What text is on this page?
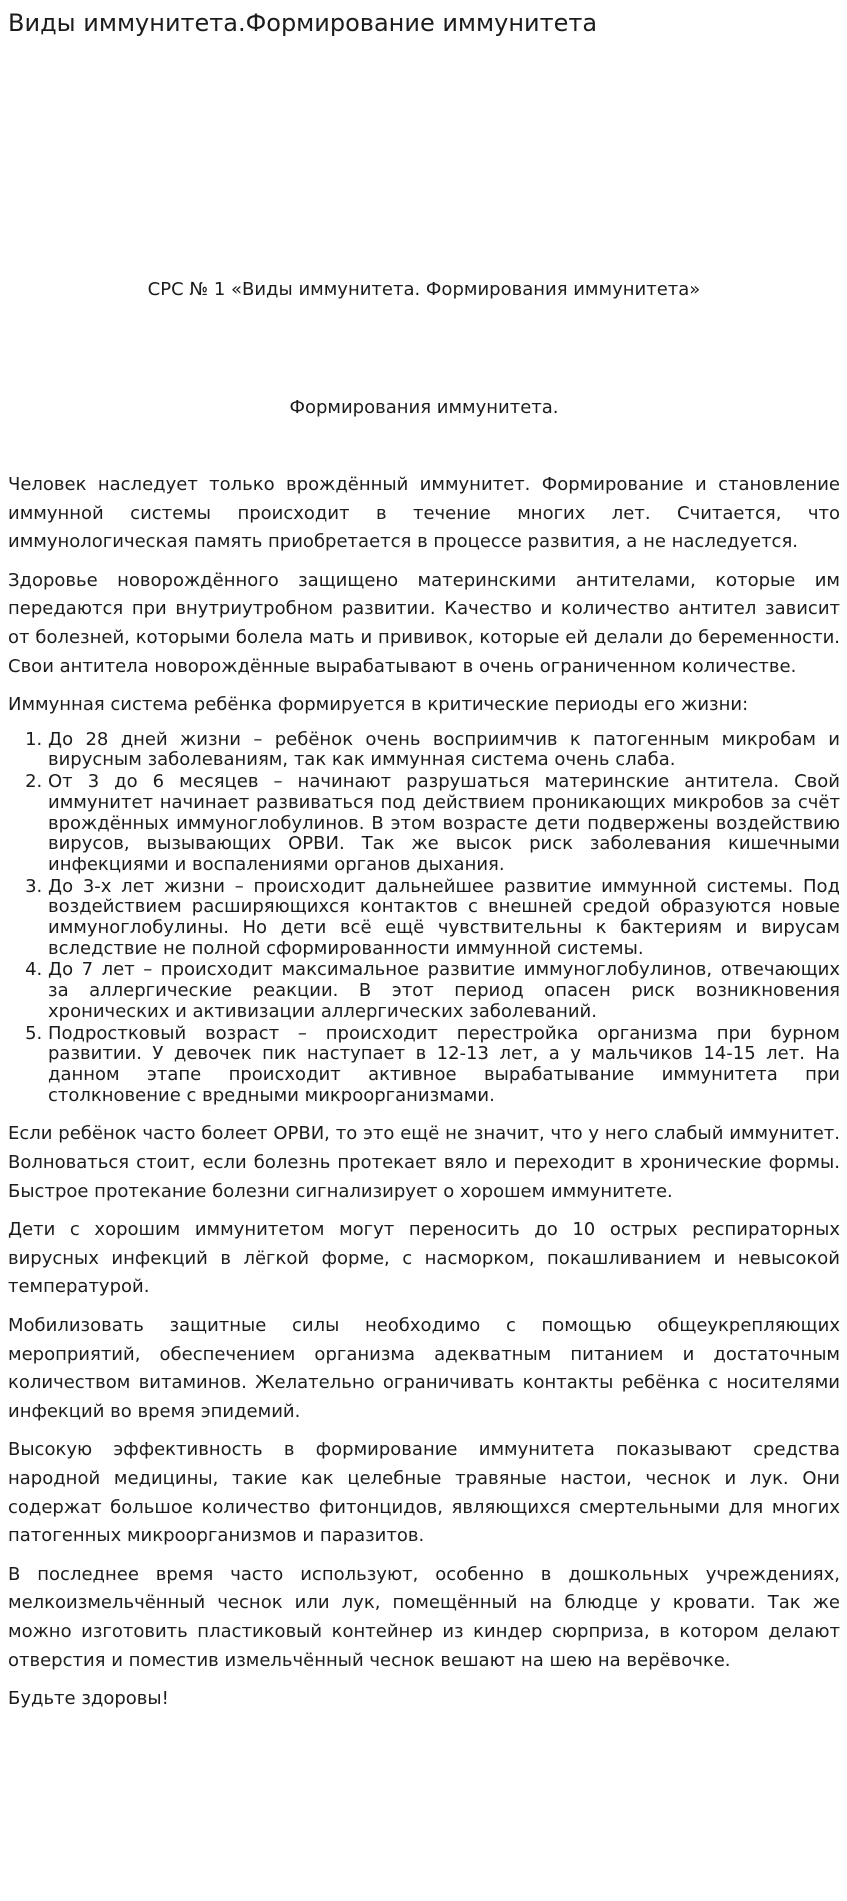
Виды иммунитета.Формирование иммунитета

СРС № 1 «Виды иммунитета. Формирования иммунитета»

Формирования иммунитета.

Человек наследует только врождённый иммунитет. Формирование и становление иммунной системы происходит в течение многих лет. Считается, что иммунологическая память приобретается в процессе развития, а не наследуется.

Здоровье новорождённого защищено материнскими антителами, которые им передаются при внутриутробном развитии. Качество и количество антител зависит от болезней, которыми болела мать и прививок, которые ей делали до беременности. Свои антитела новорождённые вырабатывают в очень ограниченном количестве.

Иммунная система ребёнка формируется в критические периоды его жизни:

1. До 28 дней жизни – ребёнок очень восприимчив к патогенным микробам и вирусным заболеваниям, так как иммунная система очень слаба.
2. От 3 до 6 месяцев – начинают разрушаться материнские антитела. Свой иммунитет начинает развиваться под действием проникающих микробов за счёт врождённых иммуноглобулинов. В этом возрасте дети подвержены воздействию вирусов, вызывающих ОРВИ. Так же высок риск заболевания кишечными инфекциями и воспалениями органов дыхания.
3. До 3-х лет жизни – происходит дальнейшее развитие иммунной системы. Под воздействием расширяющихся контактов с внешней средой образуются новые иммуноглобулины. Но дети всё ещё чувствительны к бактериям и вирусам вследствие не полной сформированности иммунной системы.
4. До 7 лет – происходит максимальное развитие иммуноглобулинов, отвечающих за аллергические реакции. В этот период опасен риск возникновения хронических и активизации аллергических заболеваний.
5. Подростковый возраст – происходит перестройка организма при бурном развитии. У девочек пик наступает в 12-13 лет, а у мальчиков 14-15 лет. На данном этапе происходит активное вырабатывание иммунитета при столкновение с вредными микроорганизмами.

Если ребёнок часто болеет ОРВИ, то это ещё не значит, что у него слабый иммунитет. Волноваться стоит, если болезнь протекает вяло и переходит в хронические формы. Быстрое протекание болезни сигнализирует о хорошем иммунитете.

Дети с хорошим иммунитетом могут переносить до 10 острых респираторных вирусных инфекций в лёгкой форме, с насморком, покашливанием и невысокой температурой.

Мобилизовать защитные силы необходимо с помощью общеукрепляющих мероприятий, обеспечением организма адекватным питанием и достаточным количеством витаминов. Желательно ограничивать контакты ребёнка с носителями инфекций во время эпидемий.

Высокую эффективность в формирование иммунитета показывают средства народной медицины, такие как целебные травяные настои, чеснок и лук. Они содержат большое количество фитонцидов, являющихся смертельными для многих патогенных микроорганизмов и паразитов.

В последнее время часто используют, особенно в дошкольных учреждениях, мелкоизмельчённый чеснок или лук, помещённый на блюдце у кровати. Так же можно изготовить пластиковый контейнер из киндер сюрприза, в котором делают отверстия и поместив измельчённый чеснок вешают на шею на верёвочке.

Будьте здоровы!
